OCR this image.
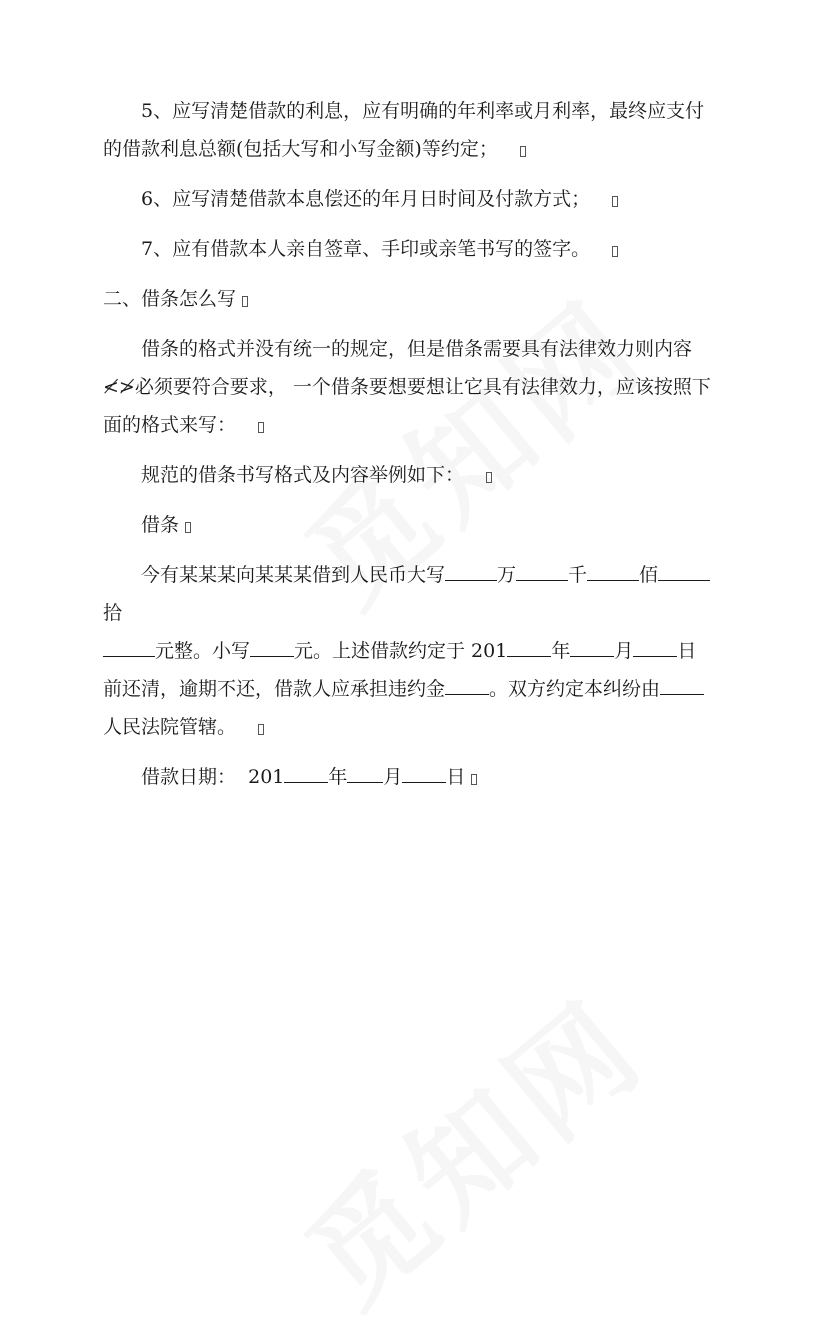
5、应写清楚借款的利息，应有明确的年利率或月利率，最终应支付

的借款利息总额(包括大写和小写金额)等约定；

6、应写清楚借款本息偿还的年月日时间及付款方式；

7、应有借款本人亲自签章、手印或亲笔书写的签字。

二、借条怎么写

借条的格式并没有统一的规定，但是借条需要具有法律效力则内容

≮≯必须要符合要求， 一个借条要想要想让它具有法律效力，应该按照下

面的格式来写：

规范的借条书写格式及内容举例如下：

借条

今有某某某向某某某借到人民币大写	万	千	佰拾

元整。小写 元。上述借款约定于 201 年 月 日

前还清，逾期不还，借款人应承担违约金 。双方约定本纠纷由

人民法院管辖。

借款日期： 201 年 月 日
